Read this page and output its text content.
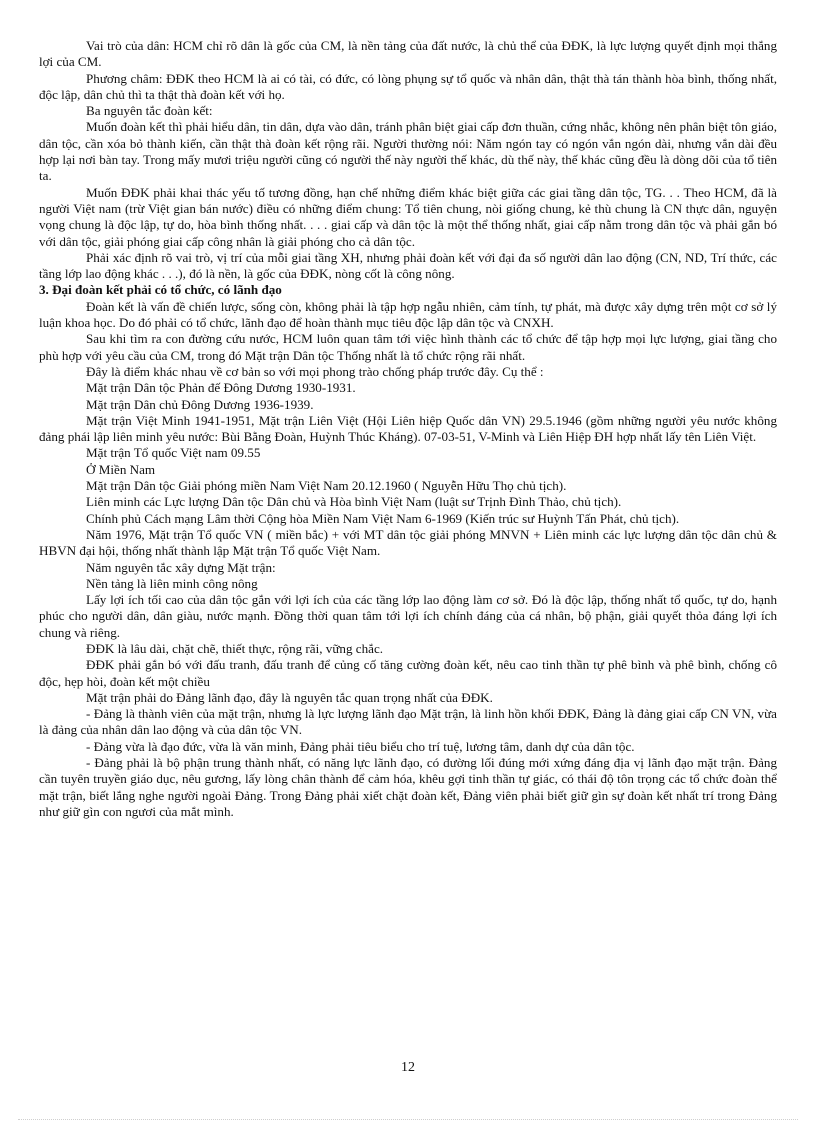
Vai trò của dân: HCM chỉ rõ dân là gốc của CM, là nền tảng của đất nước, là chủ thể của ĐĐK, là lực lượng quyết định mọi thắng lợi của CM.

Phương châm: ĐĐK theo HCM là ai có tài, có đức, có lòng phụng sự tổ quốc và nhân dân, thật thà tán thành hòa bình, thống nhất, độc lập, dân chủ thì ta thật thà đoàn kết với họ.

Ba nguyên tắc đoàn kết:

Muốn đoàn kết thì phải hiểu dân, tin dân, dựa vào dân, tránh phân biệt giai cấp đơn thuần, cứng nhắc, không nên phân biệt tôn giáo, dân tộc, cần xóa bỏ thành kiến, cần thật thà đoàn kết rộng rãi. Người thường nói: Năm ngón tay có ngón vắn ngón dài, nhưng vắn dài đều hợp lại nơi bàn tay. Trong mấy mươi triệu người cũng có người thế này người thế khác, dù thế này, thế khác cũng đều là dòng dõi của tổ tiên ta.

Muốn ĐĐK phải khai thác yếu tố tương đồng, hạn chế những điểm khác biệt giữa các giai tầng dân tộc, TG. . . Theo HCM, đã là người Việt nam (trừ Việt gian bán nước) điều có những điểm chung: Tổ tiên chung, nòi giống chung, kẻ thù chung là CN thực dân, nguyện vọng chung là độc lập, tự do, hòa bình thống nhất. . . . giai cấp và dân tộc là một thể thống nhất, giai cấp nằm trong dân tộc và phải gắn bó với dân tộc, giải phóng giai cấp công nhân là giải phóng cho cả dân tộc.

Phải xác định rõ vai trò, vị trí của mỗi giai tầng XH, nhưng phải đoàn kết với đại đa số người dân lao động (CN, ND, Trí thức, các tầng lớp lao động khác . . .), đó là nền, là gốc của ĐĐK, nòng cốt là công nông.

3. Đại đoàn kết phải có tổ chức, có lãnh đạo

Đoàn kết là vấn đề chiến lược, sống còn, không phải là tập hợp ngẫu nhiên, cảm tính, tự phát, mà được xây dựng trên một cơ sở lý luận khoa học. Do đó phải có tổ chức, lãnh đạo để hoàn thành mục tiêu độc lập dân tộc và CNXH.

Sau khi tìm ra con đường cứu nước, HCM luôn quan tâm tới việc hình thành các tổ chức để tập hợp mọi lực lượng, giai tầng cho phù hợp với yêu cầu của CM, trong đó Mặt trận Dân tộc Thống nhất là tổ chức rộng rãi nhất.

Đây là điểm khác nhau về cơ bản so với mọi phong trào chống pháp trước đây. Cụ thể :

Mặt trận Dân tộc Phản đế Đông Dương 1930-1931.

Mặt trận Dân chủ Đông Dương 1936-1939.

Mặt trận Việt Minh 1941-1951, Mặt trận Liên Việt (Hội Liên hiệp Quốc dân VN) 29.5.1946 (gồm những người yêu nước không đảng phái lập liên minh yêu nước: Bùi Bằng Đoàn, Huỳnh Thúc Kháng). 07-03-51, V-Minh và Liên Hiệp ĐH hợp nhất lấy tên Liên Việt.

Mặt trận Tổ quốc Việt nam 09.55

Ở Miền Nam

Mặt trận Dân tộc Giải phóng miền Nam Việt Nam 20.12.1960 ( Nguyễn Hữu Thọ chủ tịch).

Liên minh các Lực lượng Dân tộc Dân chủ và Hòa bình Việt Nam (luật sư Trịnh Đình Thảo, chủ tịch).

Chính phủ Cách mạng Lâm thời Cộng hòa Miền Nam Việt Nam 6-1969 (Kiến trúc sư Huỳnh Tấn Phát, chủ tịch).

Năm 1976, Mặt trận Tổ quốc VN ( miền bắc) + với MT dân tộc giải phóng MNVN + Liên minh các lực lượng dân tộc dân chủ & HBVN đại hội, thống nhất thành lập Mặt trận Tổ quốc Việt Nam.

Năm nguyên tắc xây dựng Mặt trận:

Nền tảng là liên minh công nông

Lấy lợi ích tối cao của dân tộc gắn với lợi ích của các tầng lớp lao động làm cơ sở. Đó là độc lập, thống nhất tổ quốc, tự do, hạnh phúc cho người dân, dân giàu, nước mạnh. Đồng thời quan tâm tới lợi ích chính đáng của cá nhân, bộ phận, giải quyết thỏa đáng lợi ích chung và riêng.

ĐĐK là lâu dài, chặt chẽ, thiết thực, rộng rãi, vững chắc.

ĐĐK phải gắn bó với đấu tranh, đấu tranh để củng cố tăng cường đoàn kết, nêu cao tinh thần tự phê bình và phê bình, chống cô độc, hẹp hòi, đoàn kết một chiều

Mặt trận phải do Đảng lãnh đạo, đây là nguyên tắc quan trọng nhất của ĐĐK.

- Đảng là thành viên của mặt trận, nhưng là lực lượng lãnh đạo Mặt trận, là linh hồn khối ĐĐK, Đảng là đảng giai cấp CN VN, vừa là đảng của nhân dân lao động và của dân tộc VN.

- Đảng vừa là đạo đức, vừa là văn minh, Đảng phải tiêu biểu cho trí tuệ, lương tâm, danh dự của dân tộc.

- Đảng phải là bộ phận trung thành nhất, có năng lực lãnh đạo, có đường lối đúng mới xứng đáng địa vị lãnh đạo mặt trận. Đảng cần tuyên truyền giáo dục, nêu gương, lấy lòng chân thành để cảm hóa, khêu gợi tinh thần tự giác, có thái độ tôn trọng các tổ chức đoàn thể mặt trận, biết lắng nghe người ngoài Đảng. Trong Đảng phải xiết chặt đoàn kết, Đảng viên phải biết giữ gìn sự đoàn kết nhất trí trong Đảng như giữ gìn con ngươi của mắt mình.

12
